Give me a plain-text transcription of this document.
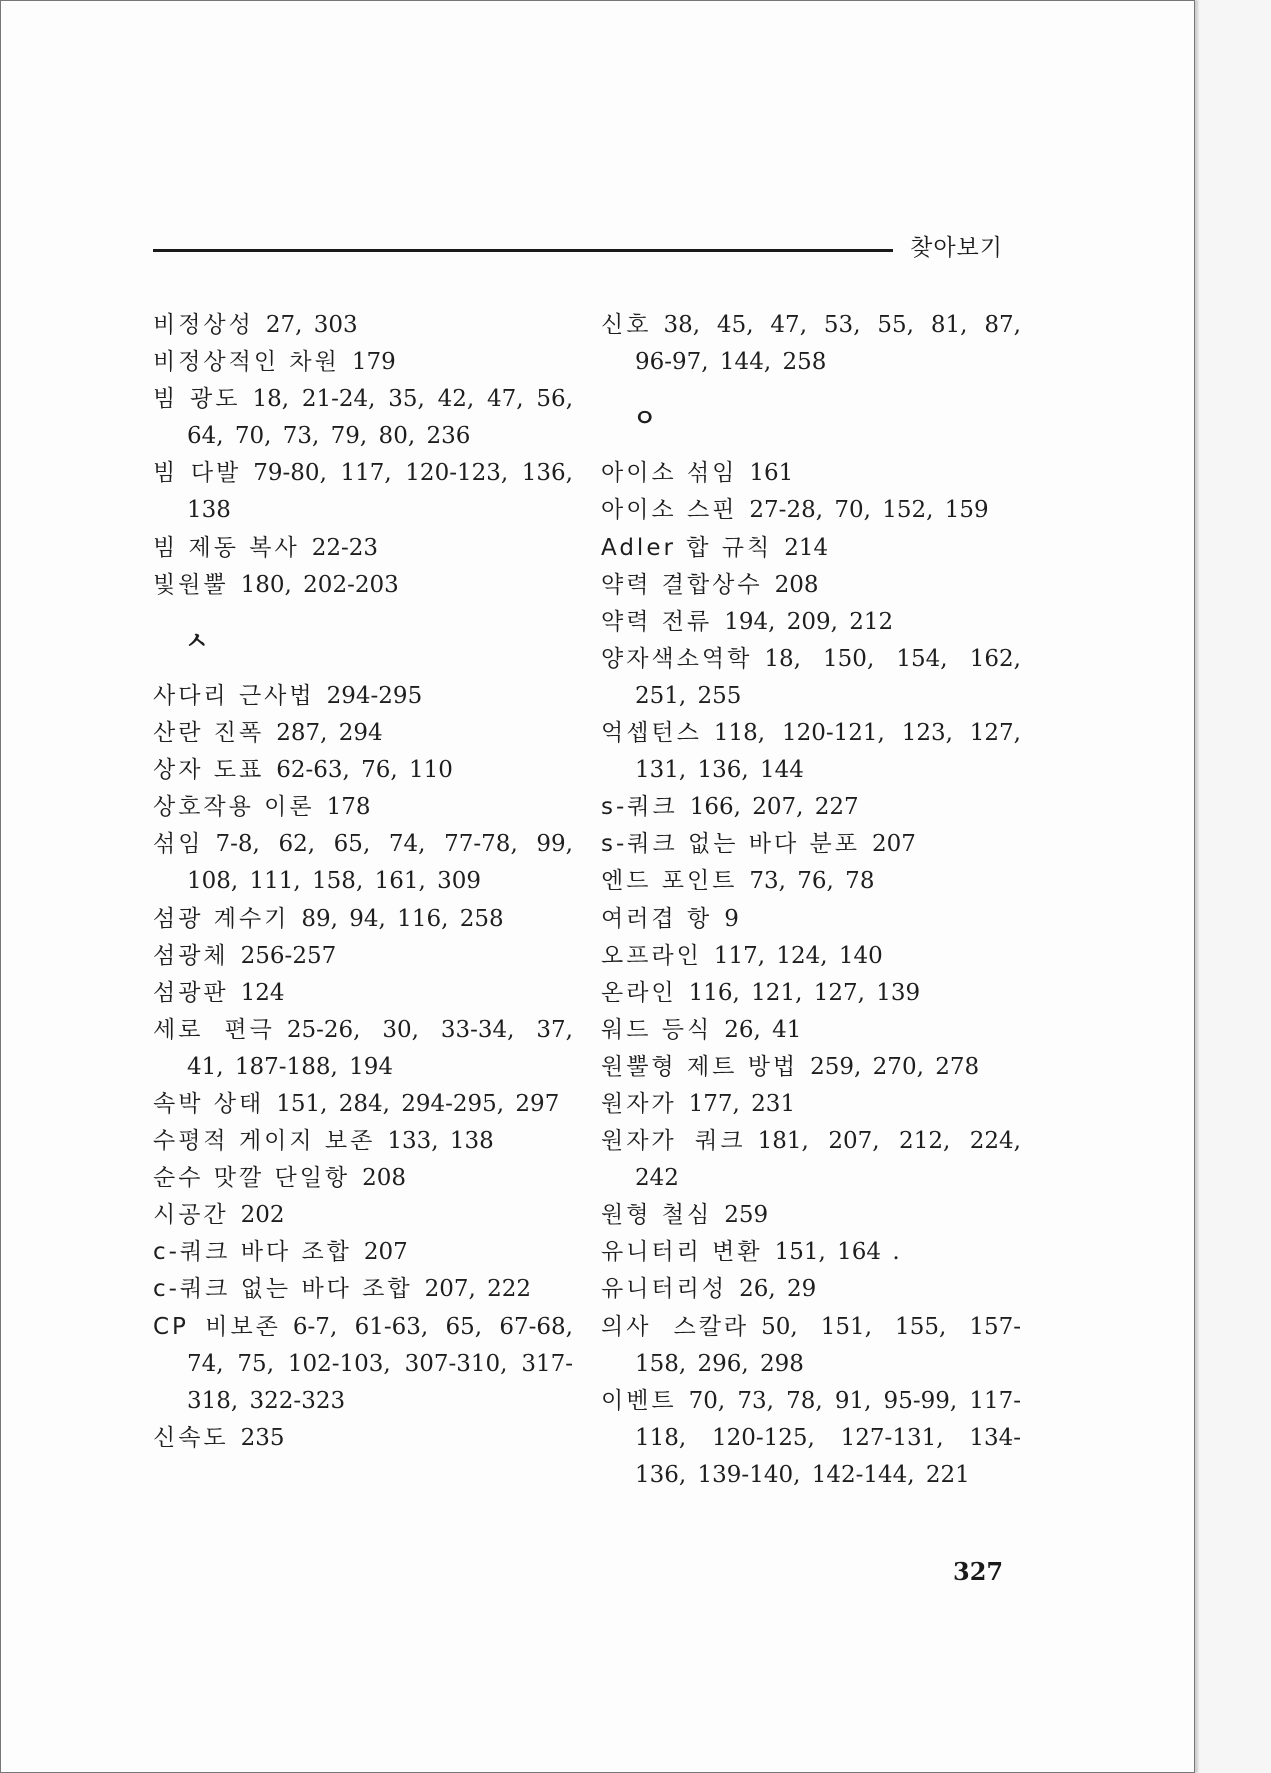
찾아보기

비정상성 27, 303

비정상적인 차원 179

빔 광도 18, 21-24, 35, 42, 47, 56, 64, 70, 73, 79, 80, 236

빔 다발 79-80, 117, 120-123, 136, 138

빔 제동 복사 22-23

빛원뿔 180, 202-203

ㅅ

사다리 근사법 294-295

산란 진폭 287, 294

상자 도표 62-63, 76, 110

상호작용 이론 178

섞임 7-8, 62, 65, 74, 77-78, 99, 108, 111, 158, 161, 309

섬광 계수기 89, 94, 116, 258

섬광체 256-257

섬광판 124

세로 편극 25-26, 30, 33-34, 37, 41, 187-188, 194

속박 상태 151, 284, 294-295, 297

수평적 게이지 보존 133, 138

순수 맛깔 단일항 208

시공간 202

c-쿼크 바다 조합 207

c-쿼크 없는 바다 조합 207, 222

CP 비보존 6-7, 61-63, 65, 67-68, 74, 75, 102-103, 307-310, 317-318, 322-323

신속도 235

신호 38, 45, 47, 53, 55, 81, 87, 96-97, 144, 258

ㅇ

아이소 섞임 161

아이소 스핀 27-28, 70, 152, 159

Adler 합 규칙 214

약력 결합상수 208

약력 전류 194, 209, 212

양자색소역학 18, 150, 154, 162, 251, 255

억셉턴스 118, 120-121, 123, 127, 131, 136, 144

s-쿼크 166, 207, 227

s-쿼크 없는 바다 분포 207

엔드 포인트 73, 76, 78

여러겹 항 9

오프라인 117, 124, 140

온라인 116, 121, 127, 139

워드 등식 26, 41

원뿔형 제트 방법 259, 270, 278

원자가 177, 231

원자가 쿼크 181, 207, 212, 224, 242

원형 철심 259

유니터리 변환 151, 164 .

유니터리성 26, 29

의사 스칼라 50, 151, 155, 157-158, 296, 298

이벤트 70, 73, 78, 91, 95-99, 117-118, 120-125, 127-131, 134-136, 139-140, 142-144, 221

327
